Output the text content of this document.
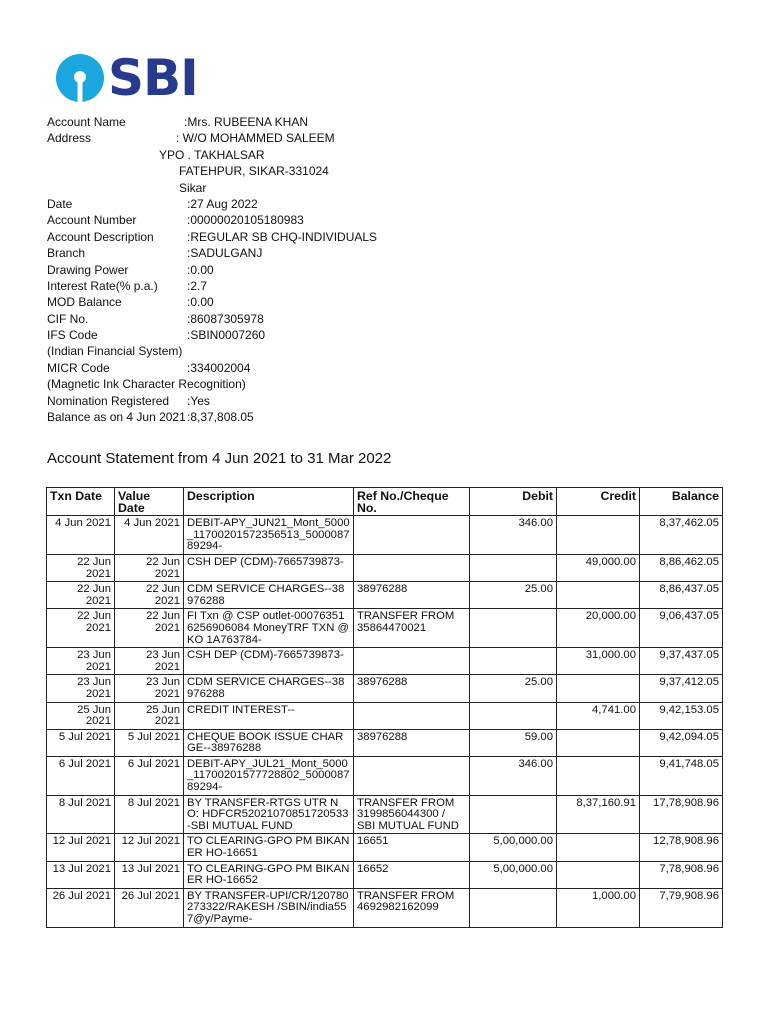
SBI
Account Name	:Mrs. RUBEENA KHAN
Address	: W/O MOHAMMED SALEEM
YPO . TAKHALSAR
FATEHPUR, SIKAR-331024
Sikar
Date	:27 Aug 2022
Account Number	:00000020105180983
Account Description	:REGULAR SB CHQ-INDIVIDUALS
Branch	:SADULGANJ
Drawing Power	:0.00
Interest Rate(% p.a.) :2.7
MOD Balance	:0.00
CIF No.	:86087305978
IFS Code	:SBIN0007260
(Indian Financial System)
MICR Code	:334002004
(Magnetic Ink Character Recognition)
Nomination Registered :Yes
Balance as on 4 Jun 2021 :8,37,808.05
Account Statement from 4 Jun 2021 to 31 Mar 2022
Txn Date	Value Date	Description	Ref No./Cheque No.	Debit	Credit	Balance
4 Jun 2021	4 Jun 2021	DEBIT-APY_JUN21_Mont_5000_11700201572356513_500008789294-		346.00		8,37,462.05
22 Jun 2021	22 Jun 2021	CSH DEP (CDM)-7665739873-			49,000.00	8,86,462.05
22 Jun 2021	22 Jun 2021	CDM SERVICE CHARGES--38976288	38976288	25.00		8,86,437.05
22 Jun 2021	22 Jun 2021	FI Txn @ CSP outlet-000763516256906084 MoneyTRF TXN @KO 1A763784-	TRANSFER FROM 35864470021		20,000.00	9,06,437.05
23 Jun 2021	23 Jun 2021	CSH DEP (CDM)-7665739873-			31,000.00	9,37,437.05
23 Jun 2021	23 Jun 2021	CDM SERVICE CHARGES--38976288	38976288	25.00		9,37,412.05
25 Jun 2021	25 Jun 2021	CREDIT INTEREST--			4,741.00	9,42,153.05
5 Jul 2021	5 Jul 2021	CHEQUE BOOK ISSUE CHARGE--38976288	38976288	59.00		9,42,094.05
6 Jul 2021	6 Jul 2021	DEBIT-APY_JUL21_Mont_5000_11700201577728802_500008789294-		346.00		9,41,748.05
8 Jul 2021	8 Jul 2021	BY TRANSFER-RTGS UTR NO: HDFCR52021070851720533-SBI MUTUAL FUND	TRANSFER FROM 3199856044300 / SBI MUTUAL FUND		8,37,160.91	17,78,908.96
12 Jul 2021	12 Jul 2021	TO CLEARING-GPO PM BIKANER HO-16651	16651	5,00,000.00		12,78,908.96
13 Jul 2021	13 Jul 2021	TO CLEARING-GPO PM BIKANER HO-16652	16652	5,00,000.00		7,78,908.96
26 Jul 2021	26 Jul 2021	BY TRANSFER-UPI/CR/120780273322/RAKESH /SBIN/india557@y/Payme-	TRANSFER FROM 4692982162099		1,000.00	7,79,908.96
